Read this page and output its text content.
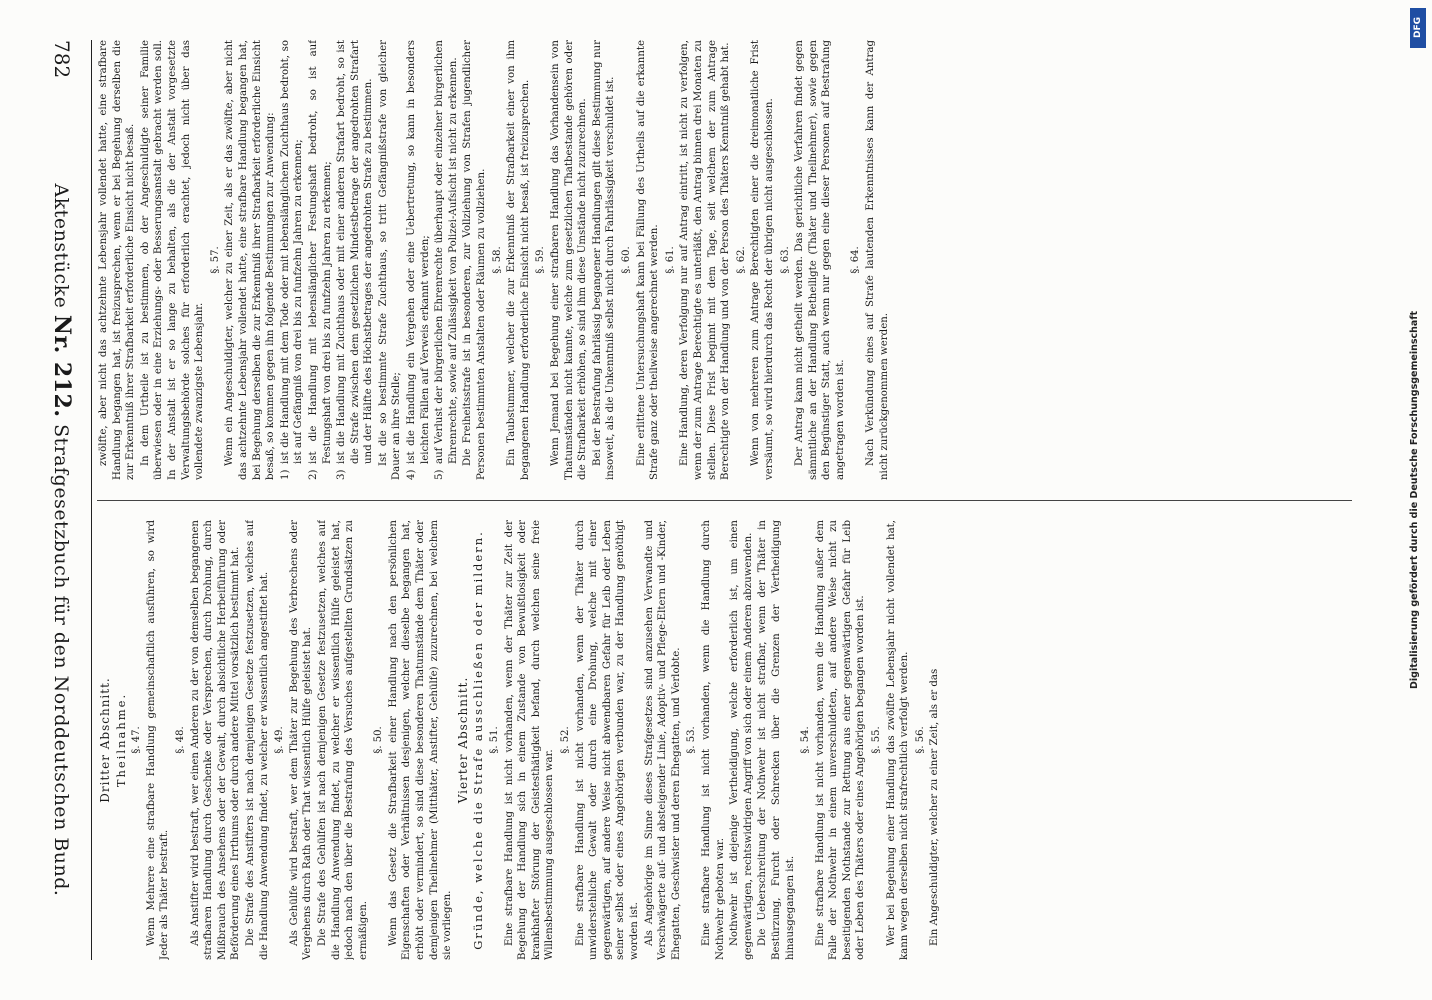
782
Aktenstücke Nr. 212. Strafgesetzbuch für den Norddeutschen Bund. Dritter Abschnitt. Theilnahme. §. 47. Wenn Mehrere eine strafbare Handlung gemeinschaftlich ausführen, so wird Jeder als Thäter bestraft.

§. 48. Als Anstifter wird bestraft, wer einen Anderen zu der von demselben begangenen strafbaren Handlung durch Geschenke oder Versprechen, durch Drohung, durch Mißbrauch des Ansehens oder der Gewalt, durch absichtliche Herbeiführung oder Beförderung eines Irrthums oder durch andere Mittel vorsätzlich bestimmt hat. Die Strafe des Anstifters ist nach demjenigen Gesetze festzusetzen, welches auf die Handlung Anwendung findet, zu welcher er wissentlich angestiftet hat. §. 49. Als Gehülfe wird bestraft, wer dem Thäter zur Begehung des Verbrechens oder Vergehens durch Rath oder That wissentlich Hülfe geleistet hat. Die Strafe des Gehülfen ist nach demjenigen Gesetze festzusetzen, welches auf die Handlung Anwendung findet, zu welcher er wissentlich Hülfe geleistet hat, jedoch nach den über die Bestrafung des Versuches aufgestellten Grundsätzen zu ermäßigen.

§. 50. Wenn das Gesetz die Strafbarkeit einer Handlung nach den persönlichen Eigenschaften oder Verhältnissen desjenigen, welcher dieselbe begangen hat, erhöht oder vermindert, so sind diese besonderen Thatumstände dem Thäter oder demjenigen Theilnehmer (Mitthäter, Anstifter, Gehülfe) zuzurechnen, bei welchem sie vorliegen.

Vierter Abschnitt. Gründe, welche die Strafe ausschließen oder mildern. §. 51. Eine strafbare Handlung ist nicht vorhanden, wenn der Thäter zur Zeit der Begehung der Handlung sich in einem Zustande von Bewußtlosigkeit oder krankhafter Störung der Geistesthätigkeit befand, durch welchen seine freie Willensbestimmung ausgeschlossen war.

§. 52. Eine strafbare Handlung ist nicht vorhanden, wenn der Thäter durch unwiderstehliche Gewalt oder durch eine Drohung, welche mit einer gegenwärtigen, auf andere Weise nicht abwendbaren Gefahr für Leib oder Leben seiner selbst oder eines Angehörigen verbunden war, zu der Handlung genöthigt worden ist. Als Angehörige im Sinne dieses Strafgesetzes sind anzusehen Verwandte und Verschwägerte auf- und absteigender Linie, Adoptiv- und Pflege-Eltern und -Kinder, Ehegatten, Geschwister und deren Ehegatten, und Verlobte. §. 53. Eine strafbare Handlung ist nicht vorhanden, wenn die Handlung durch Nothwehr geboten war. Nothwehr ist diejenige Vertheidigung, welche erforderlich ist, um einen gegenwärtigen, rechtswidrigen Angriff von sich oder einem Anderen abzuwenden. Die Ueberschreitung der Nothwehr ist nicht strafbar, wenn der Thäter in Bestürzung, Furcht oder Schrecken über die Grenzen der Vertheidigung hinausgegangen ist.

§. 54. Eine strafbare Handlung ist nicht vorhanden, wenn die Handlung außer dem Falle der Nothwehr in einem unverschuldeten, auf andere Weise nicht zu beseitigenden Nothstande zur Rettung aus einer gegenwärtigen Gefahr für Leib oder Leben des Thäters oder eines Angehörigen begangen worden ist. §. 55. Wer bei Begehung einer Handlung das zwölfte Lebensjahr nicht vollendet hat, kann wegen derselben nicht strafrechtlich verfolgt werden. §. 56. Ein Angeschuldigter, welcher zu einer Zeit, als er das

zwölfte, aber nicht das achtzehnte Lebensjahr vollendet hatte, eine strafbare Handlung begangen hat, ist freizusprechen, wenn er bei Begehung derselben die zur Erkenntniß ihrer Strafbarkeit erforderliche Einsicht nicht besaß. In dem Urtheile ist zu bestimmen, ob der Angeschuldigte seiner Familie überwiesen oder in eine Erziehungs- oder Besserungsanstalt gebracht werden soll. In der Anstalt ist er so lange zu behalten, als die der Anstalt vorgesetzte Verwaltungsbehörde solches für erforderlich erachtet, jedoch nicht über das vollendete zwanzigste Lebensjahr.

§. 57. Wenn ein Angeschuldigter, welcher zu einer Zeit, als er das zwölfte, aber nicht das achtzehnte Lebensjahr vollendet hatte, eine strafbare Handlung begangen hat, bei Begehung derselben die zur Erkenntniß ihrer Strafbarkeit erforderliche Einsicht besaß, so kommen gegen ihn folgende Bestimmungen zur Anwendung: 1)
ist die Handlung mit dem Tode oder mit lebenslänglichem Zuchthaus bedroht, so ist auf Gefängniß von drei bis zu funfzehn Jahren zu erkennen;

2)
ist die Handlung mit lebenslänglicher Festungshaft bedroht, so ist auf Festungshaft von drei bis zu funfzehn Jahren zu erkennen;

3)
ist die Handlung mit Zuchthaus oder mit einer anderen Strafart bedroht, so ist die Strafe zwischen dem gesetzlichen Mindestbetrage der angedrohten Strafart und der Hälfte des Höchstbetrages der angedrohten Strafe zu bestimmen. Ist die so bestimmte Strafe Zuchthaus, so tritt Gefängnißstrafe von gleicher Dauer an ihre Stelle; 4)
ist die Handlung ein Vergehen oder eine Uebertretung, so kann in besonders leichten Fällen auf Verweis erkannt werden;

5)
auf Verlust der bürgerlichen Ehrenrechte überhaupt oder einzelner bürgerlichen Ehrenrechte, sowie auf Zulässigkeit von Polizei-Aufsicht ist nicht zu erkennen. Die Freiheitsstrafe ist in besonderen, zur Vollziehung von Strafen jugendlicher Personen bestimmten Anstalten oder Räumen zu vollziehen. §. 58. Ein Taubstummer, welcher die zur Erkenntniß der Strafbarkeit einer von ihm begangenen Handlung erforderliche Einsicht nicht besaß, ist freizusprechen. §. 59. Wenn Jemand bei Begehung einer strafbaren Handlung das Vorhandensein von Thatumständen nicht kannte, welche zum gesetzlichen Thatbestande gehören oder die Strafbarkeit erhöhen, so sind ihm diese Umstände nicht zuzurechnen. Bei der Bestrafung fahrlässig begangener Handlungen gilt diese Bestimmung nur insoweit, als die Unkenntniß selbst nicht durch Fahrlässigkeit verschuldet ist. §. 60. Eine erlittene Untersuchungshaft kann bei Fällung des Urtheils auf die erkannte Strafe ganz oder theilweise angerechnet werden. §. 61. Eine Handlung, deren Verfolgung nur auf Antrag eintritt, ist nicht zu verfolgen, wenn der zum Antrage Berechtigte es unterläßt, den Antrag binnen drei Monaten zu stellen. Diese Frist beginnt mit dem Tage, seit welchem der zum Antrage Berechtigte von der Handlung und von der Person des Thäters Kenntniß gehabt hat. §. 62. Wenn von mehreren zum Antrage Berechtigten einer die dreimonatliche Frist versäumt, so wird hierdurch das Recht der übrigen nicht ausgeschlossen. §. 63. Der Antrag kann nicht getheilt werden. Das gerichtliche Verfahren findet gegen sämmtliche an der Handlung Betheiligte (Thäter und Theilnehmer), sowie gegen den Begünstiger Statt, auch wenn nur gegen eine dieser Personen auf Bestrafung angetragen worden ist.

§. 64. Nach Verkündung eines auf Strafe lautenden Erkenntnisses kann der Antrag nicht zurückgenommen werden.

DFG
Digitalisierung gefördert durch die Deutsche Forschungsgemeinschaft
